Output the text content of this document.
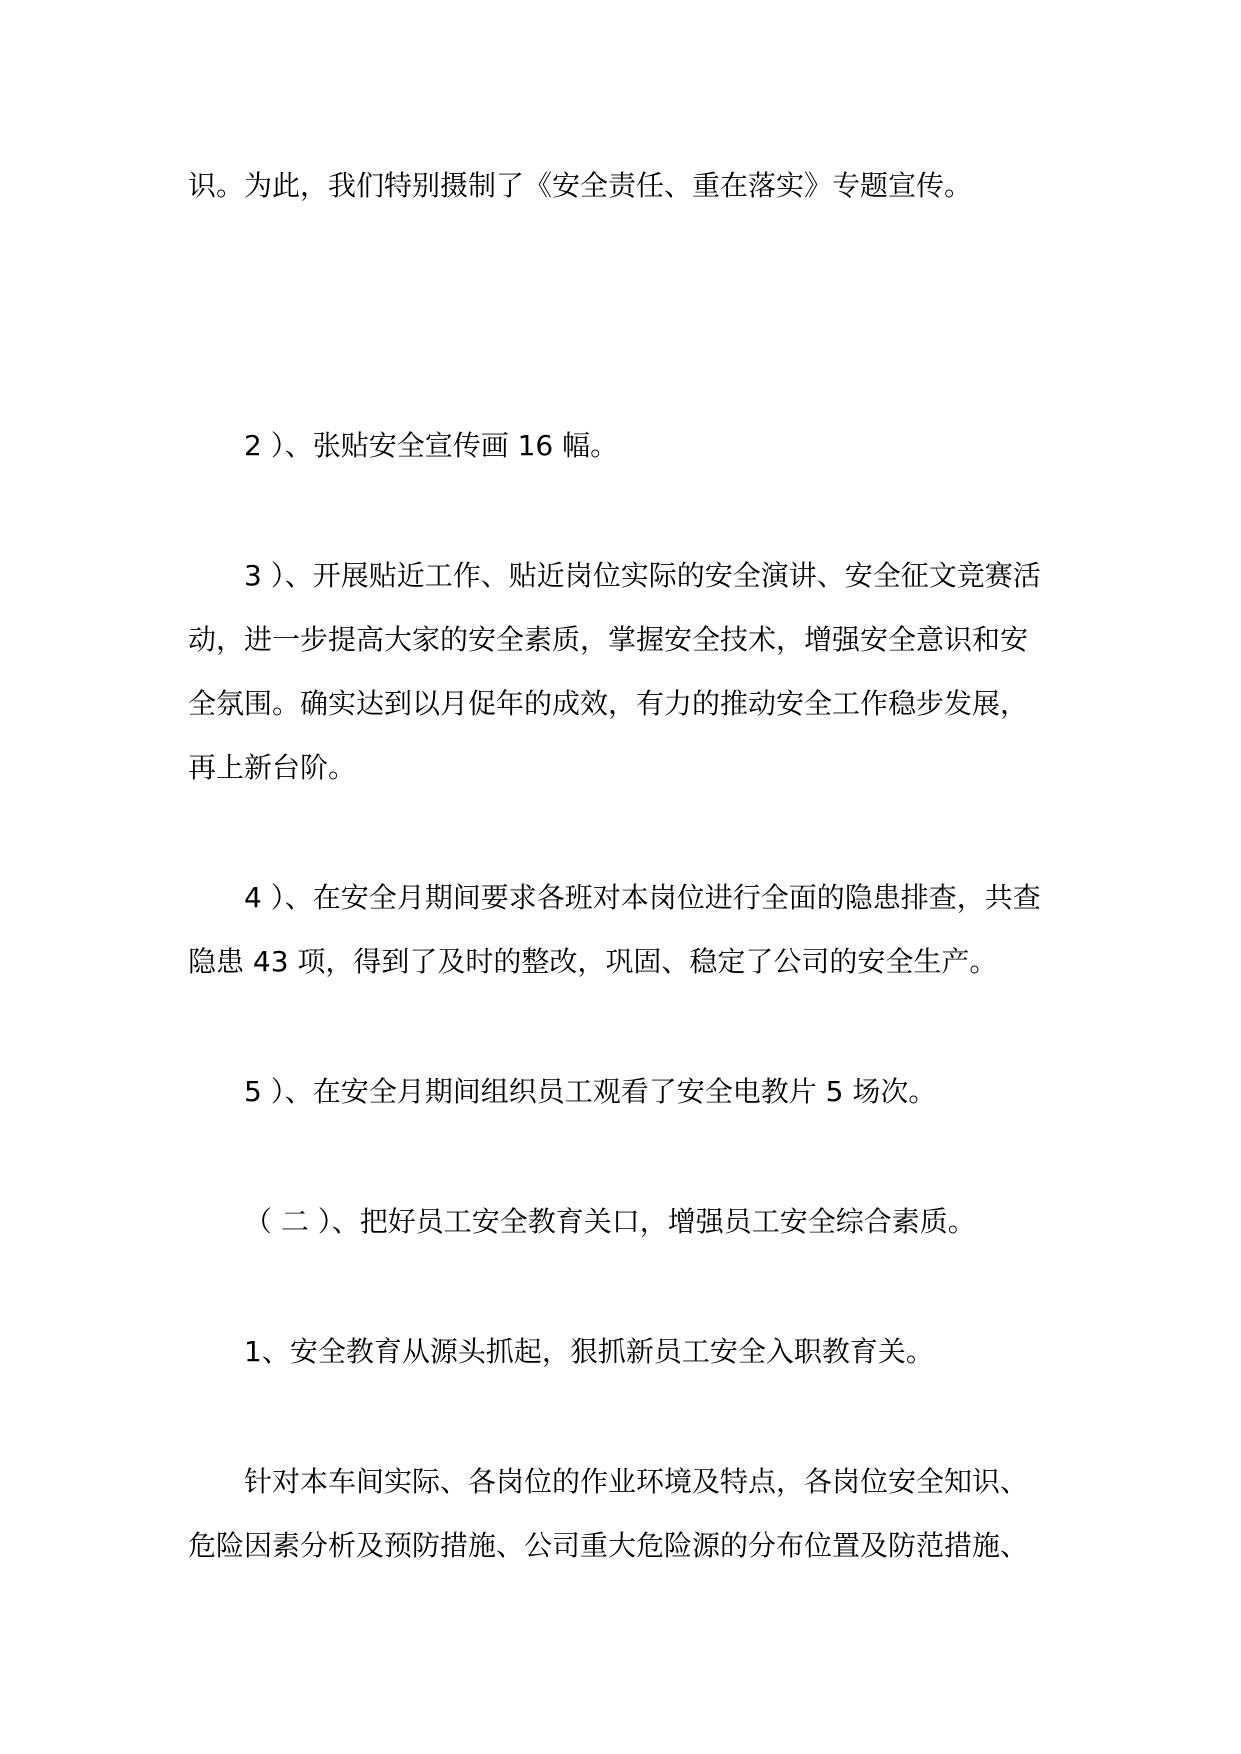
识。为此，我们特别摄制了《安全责任、重在落实》专题宣传。
2 ）、张贴安全宣传画 16 幅。
3 ）、开展贴近工作、贴近岗位实际的安全演讲、安全征文竞赛活
动，进一步提高大家的安全素质，掌握安全技术，增强安全意识和安
全氛围。确实达到以月促年的成效，有力的推动安全工作稳步发展，
再上新台阶。
4 ）、在安全月期间要求各班对本岗位进行全面的隐患排查，共查
隐患 43 项，得到了及时的整改，巩固、稳定了公司的安全生产。
5 ）、在安全月期间组织员工观看了安全电教片 5 场次。
（ 二 ）、把好员工安全教育关口，增强员工安全综合素质。
1、安全教育从源头抓起，狠抓新员工安全入职教育关。
针对本车间实际、各岗位的作业环境及特点，各岗位安全知识、
危险因素分析及预防措施、公司重大危险源的分布位置及防范措施、
